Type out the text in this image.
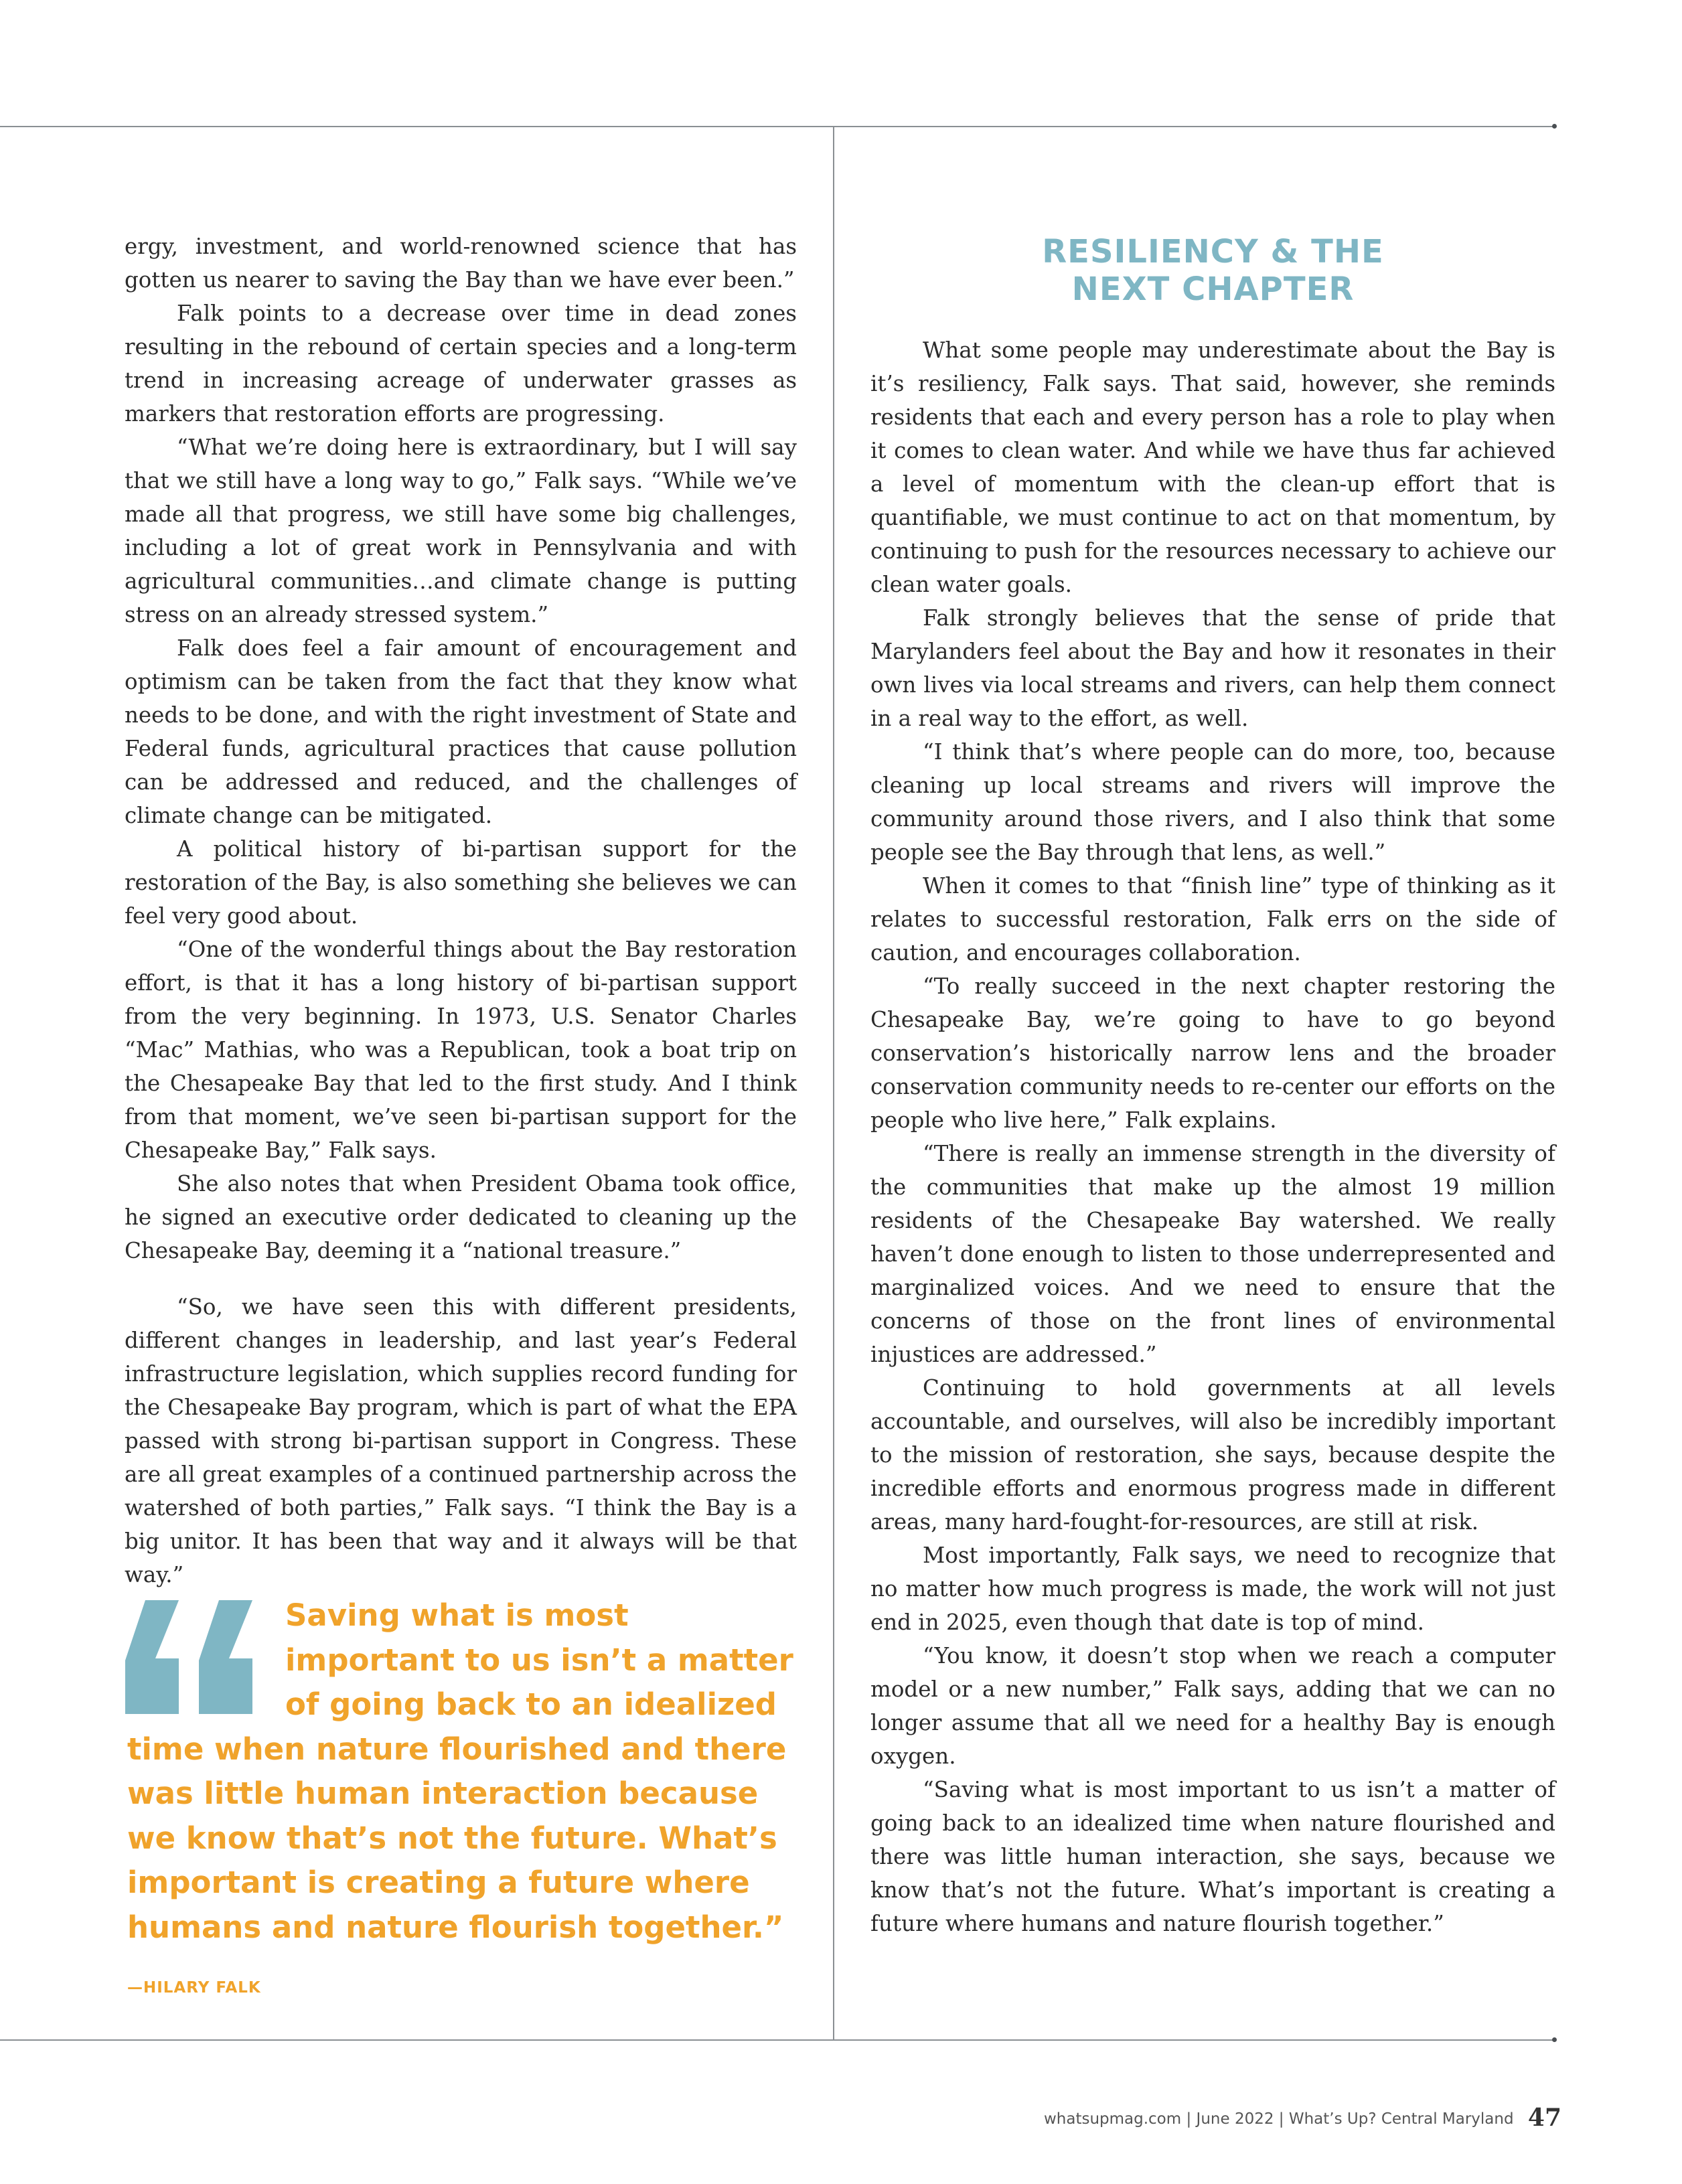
ergy, investment, and world-renowned science that has gotten us nearer to saving the Bay than we have ever been.”

Falk points to a decrease over time in dead zones resulting in the rebound of certain species and a long-term trend in increasing acreage of underwater grasses as markers that restoration efforts are progressing.

“What we’re doing here is extraordinary, but I will say that we still have a long way to go,” Falk says. “While we’ve made all that progress, we still have some big challenges, including a lot of great work in Pennsylvania and with agricultural communities…and climate change is putting stress on an already stressed system.”

Falk does feel a fair amount of encouragement and optimism can be taken from the fact that they know what needs to be done, and with the right investment of State and Federal funds, agricultural practices that cause pollution can be addressed and reduced, and the challenges of climate change can be mitigated.

A political history of bi-partisan support for the restoration of the Bay, is also something she believes we can feel very good about.

“One of the wonderful things about the Bay restoration effort, is that it has a long history of bi-partisan support from the very beginning. In 1973, U.S. Senator Charles “Mac” Mathias, who was a Republican, took a boat trip on the Chesapeake Bay that led to the first study. And I think from that moment, we’ve seen bi-partisan support for the Chesapeake Bay,” Falk says.

She also notes that when President Obama took office, he signed an executive order dedicated to cleaning up the Chesapeake Bay, deeming it a “national treasure.”

“So, we have seen this with different presidents, different changes in leadership, and last year’s Federal infrastructure legislation, which supplies record funding for the Chesapeake Bay program, which is part of what the EPA passed with strong bi-partisan support in Congress. These are all great examples of a continued partnership across the watershed of both parties,” Falk says. “I think the Bay is a big unitor. It has been that way and it always will be that way.”

Saving what is most
important to us isn’t a matter
of going back to an idealized
time when nature flourished and there
was little human interaction because
we know that’s not the future. What’s
important is creating a future where
humans and nature flourish together.”
—HILARY FALK
RESILIENCY & THE
NEXT CHAPTER

What some people may underestimate about the Bay is it’s resiliency, Falk says. That said, however, she reminds residents that each and every person has a role to play when it comes to clean water. And while we have thus far achieved a level of momentum with the clean-up effort that is quantifiable, we must continue to act on that momentum, by continuing to push for the resources necessary to achieve our clean water goals.

Falk strongly believes that the sense of pride that Marylanders feel about the Bay and how it resonates in their own lives via local streams and rivers, can help them connect in a real way to the effort, as well.

“I think that’s where people can do more, too, because cleaning up local streams and rivers will improve the community around those rivers, and I also think that some people see the Bay through that lens, as well.”

When it comes to that “finish line” type of thinking as it relates to successful restoration, Falk errs on the side of caution, and encourages collaboration.

“To really succeed in the next chapter restoring the Chesapeake Bay, we’re going to have to go beyond conservation’s historically narrow lens and the broader conservation community needs to re-center our efforts on the people who live here,” Falk explains.

“There is really an immense strength in the diversity of the communities that make up the almost 19 million residents of the Chesapeake Bay watershed. We really haven’t done enough to listen to those underrepresented and marginalized voices. And we need to ensure that the concerns of those on the front lines of environmental injustices are addressed.”

Continuing to hold governments at all levels accountable, and ourselves, will also be incredibly important to the mission of restoration, she says, because despite the incredible efforts and enormous progress made in different areas, many hard-fought-for-resources, are still at risk.

Most importantly, Falk says, we need to recognize that no matter how much progress is made, the work will not just end in 2025, even though that date is top of mind.

“You know, it doesn’t stop when we reach a computer model or a new number,” Falk says, adding that we can no longer assume that all we need for a healthy Bay is enough oxygen.

“Saving what is most important to us isn’t a matter of going back to an idealized time when nature flourished and there was little human interaction, she says, because we know that’s not the future. What’s important is creating a future where humans and nature flourish together.”

whatsupmag.com | June 2022 | What’s Up? Central Maryland 47
